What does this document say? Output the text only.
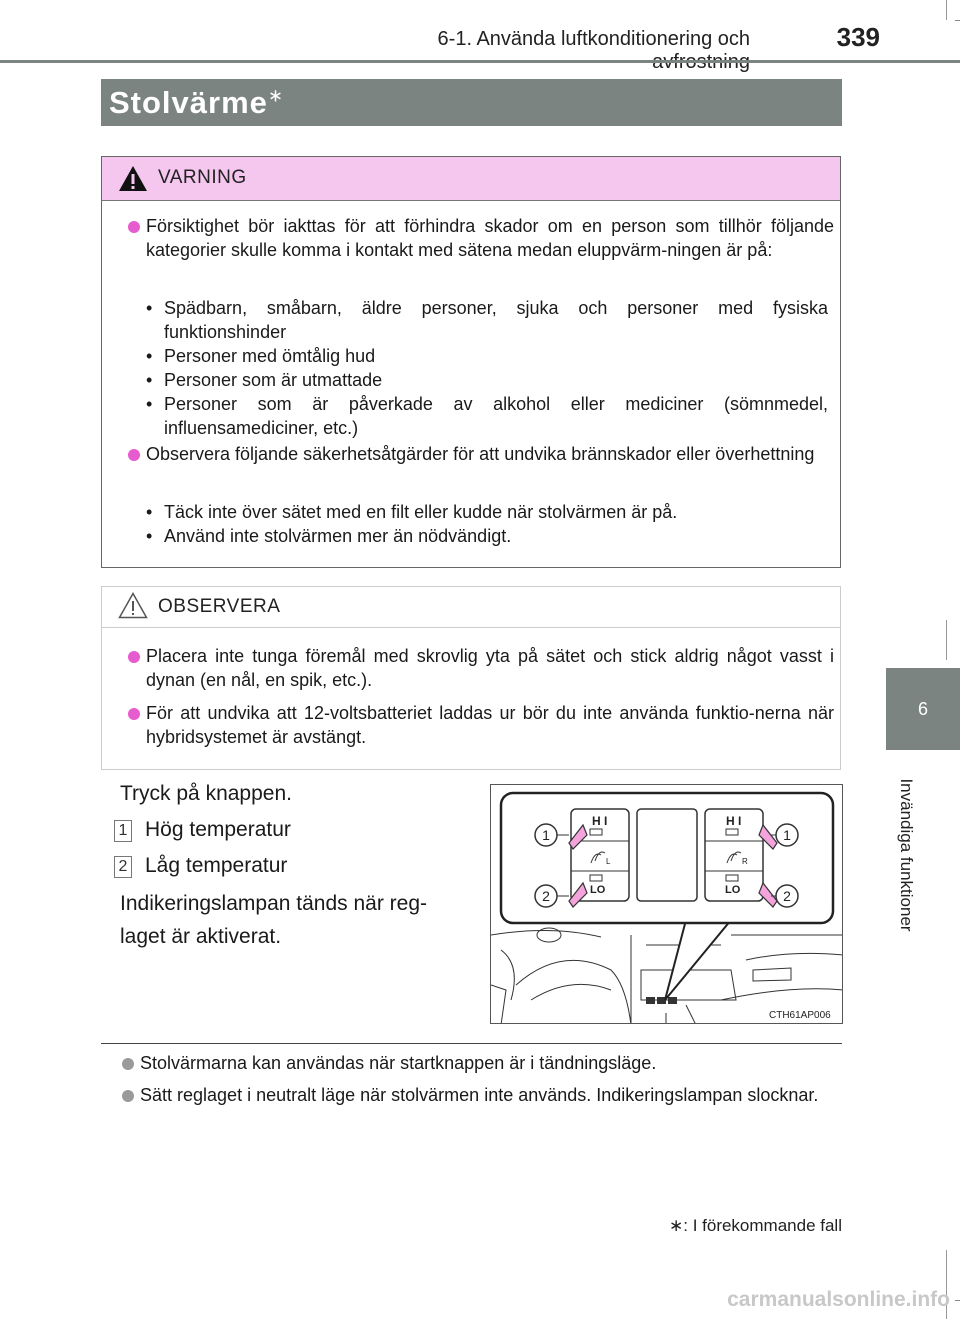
6-1. Använda luftkonditionering och	339
6
Invändiga funktioner
Stolvärme∗
VARNING
Försiktighet bör iakttas för att förhindra skador om en person som tillhör följande kategorier skulle komma i kontakt med sätena medan eluppvärm-ningen är på:
• Spädbarn, småbarn, äldre personer, sjuka och personer med fysiska funktionshinder
• Personer med ömtålig hud
• Personer som är utmattade
• Personer som är påverkade av alkohol eller mediciner (sömnmedel, influensamediciner, etc.)
Observera följande säkerhetsåtgärder för att undvika brännskador eller överhettning
• Täck inte över sätet med en filt eller kudde när stolvärmen är på.
• Använd inte stolvärmen mer än nödvändigt.
OBSERVERA
Placera inte tunga föremål med skrovlig yta på sätet och stick aldrig något vasst i dynan (en nål, en spik, etc.).
För att undvika att 12-voltsbatteriet laddas ur bör du inte använda funktio-nerna när hybridsystemet är avstängt.
Tryck på knappen.
1 Hög temperatur
2 Låg temperatur
Indikeringslampan tänds när reg-
laget är aktiverat.
H I
LO
L
H I
LO
R
1
2
1
2
CTH61AP006
Stolvärmarna kan användas när startknappen är i tändningsläge.
Sätt reglaget i neutralt läge när stolvärmen inte används. Indikeringslampan slocknar.
∗: I förekommande fall
carmanualsonline.info
